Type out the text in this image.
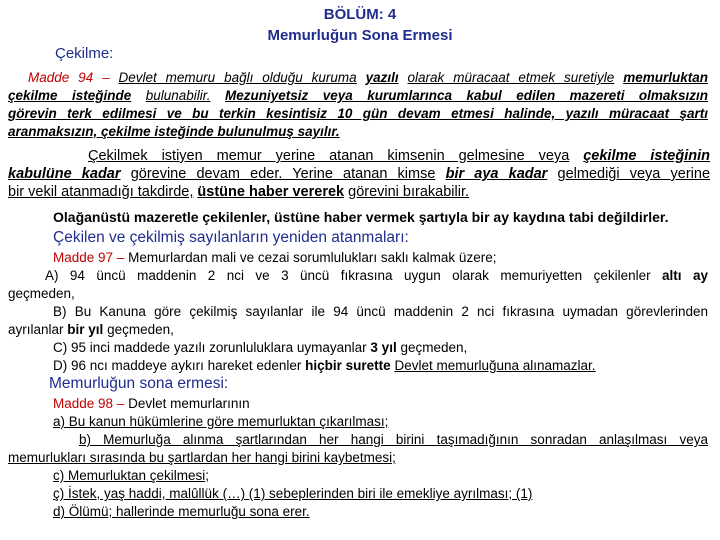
BÖLÜM: 4
Memurluğun Sona Ermesi
Çekilme:
Madde 94 – Devlet memuru bağlı olduğu kuruma yazılı olarak müracaat etmek suretiyle memurluktan
çekilme isteğinde bulunabilir. Mezuniyetsiz veya kurumlarınca kabul edilen mazereti olmaksızın
görevin terk edilmesi ve bu terkin kesintisiz 10 gün devam etmesi halinde, yazılı müracaat şartı
aranmaksızın, çekilme isteğinde bulunulmuş sayılır.
Çekilmek istiyen memur yerine atanan kimsenin gelmesine veya çekilme isteğinin
kabulüne kadar görevine devam eder. Yerine atanan kimse bir aya kadar gelmediği veya yerine
bir vekil atanmadığı takdirde, üstüne haber vererek görevini bırakabilir.
Olağanüstü mazeretle çekilenler, üstüne haber vermek şartıyla bir ay kaydına tabi değildirler.
Çekilen ve çekilmiş sayılanların yeniden atanmaları:
Madde 97 – Memurlardan mali ve cezai sorumlulukları saklı kalmak üzere;
A) 94 üncü maddenin 2 nci ve 3 üncü fıkrasına uygun olarak memuriyetten çekilenler altı ay
geçmeden,
B) Bu Kanuna göre çekilmiş sayılanlar ile 94 üncü maddenin 2 nci fıkrasına uymadan görevlerinden
ayrılanlar bir yıl geçmeden,
C) 95 inci maddede yazılı zorunluluklara uymayanlar 3 yıl geçmeden,
D) 96 ncı maddeye aykırı hareket edenler hiçbir surette Devlet memurluğuna alınamazlar.
Memurluğun sona ermesi:
Madde 98 – Devlet memurlarının
a) Bu kanun hükümlerine göre memurluktan çıkarılması;
b) Memurluğa alınma şartlarından her hangi birini taşımadığının sonradan anlaşılması veya
memurlukları sırasında bu şartlardan her hangi birini kaybetmesi;
c) Memurluktan çekilmesi;
ç) İstek, yaş haddi, malûllük (…) (1) sebeplerinden biri ile emekliye ayrılması; (1)
d) Ölümü; hallerinde memurluğu sona erer.
